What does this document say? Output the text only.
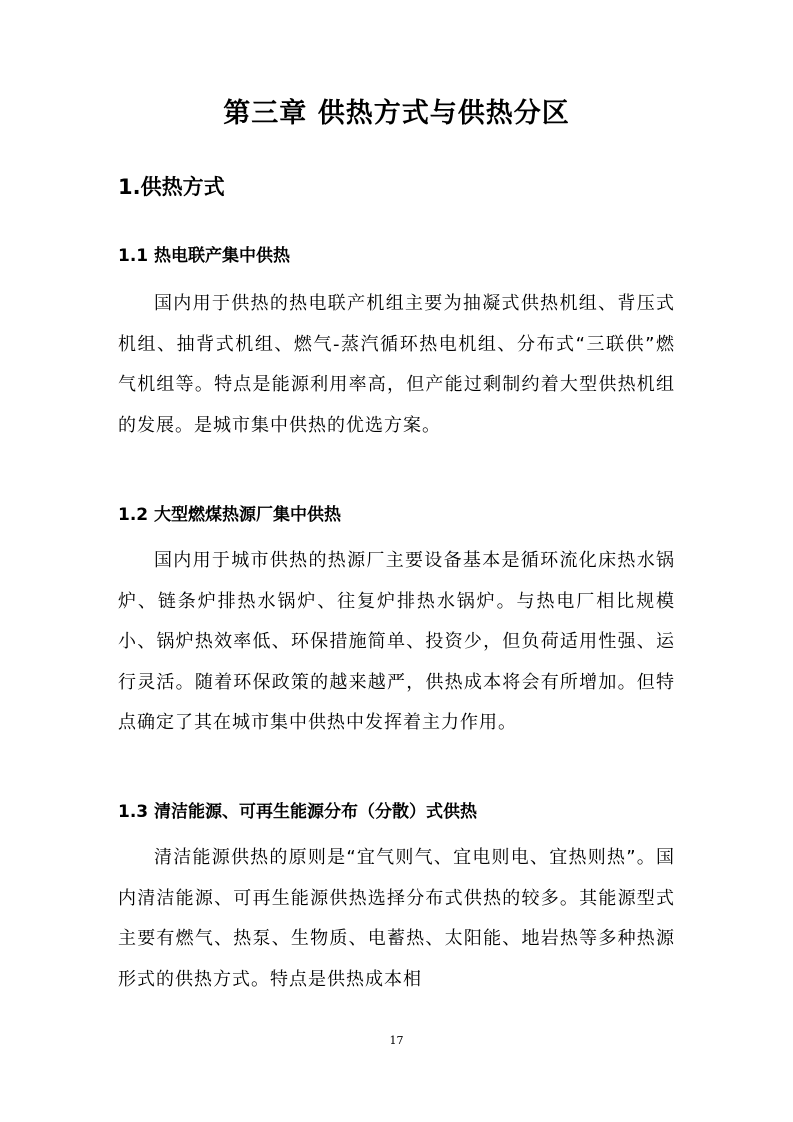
第三章 供热方式与供热分区
1.供热方式
1.1 热电联产集中供热

国内用于供热的热电联产机组主要为抽凝式供热机组、背压式机组、抽背式机组、燃气-蒸汽循环热电机组、分布式“三联供”燃气机组等。特点是能源利用率高，但产能过剩制约着大型供热机组的发展。是城市集中供热的优选方案。

1.2 大型燃煤热源厂集中供热

国内用于城市供热的热源厂主要设备基本是循环流化床热水锅炉、链条炉排热水锅炉、往复炉排热水锅炉。与热电厂相比规模小、锅炉热效率低、环保措施简单、投资少，但负荷适用性强、运行灵活。随着环保政策的越来越严，供热成本将会有所增加。但特点确定了其在城市集中供热中发挥着主力作用。

1.3 清洁能源、可再生能源分布（分散）式供热

清洁能源供热的原则是“宜气则气、宜电则电、宜热则热”。国内清洁能源、可再生能源供热选择分布式供热的较多。其能源型式主要有燃气、热泵、生物质、电蓄热、太阳能、地岩热等多种热源形式的供热方式。特点是供热成本相

17
